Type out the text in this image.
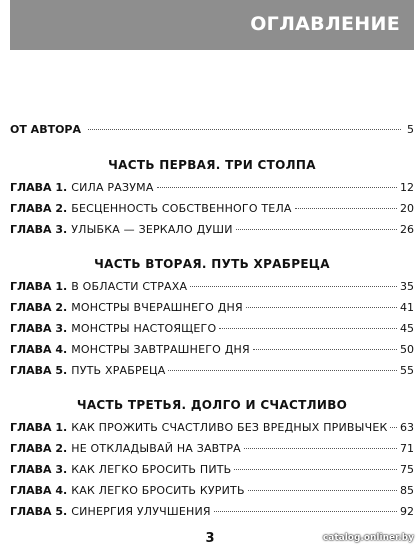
ОГЛАВЛЕНИЕ
ОТ АВТОРА	5
ЧАСТЬ ПЕРВАЯ. ТРИ СТОЛПА
ГЛАВА 1. СИЛА РАЗУМА	12
ГЛАВА 2. БЕСЦЕННОСТЬ СОБСТВЕННОГО ТЕЛА	20
ГЛАВА 3. УЛЫБКА — ЗЕРКАЛО ДУШИ	26
ЧАСТЬ ВТОРАЯ. ПУТЬ ХРАБРЕЦА
ГЛАВА 1. В ОБЛАСТИ СТРАХА	35
ГЛАВА 2. МОНСТРЫ ВЧЕРАШНЕГО ДНЯ	41
ГЛАВА 3. МОНСТРЫ НАСТОЯЩЕГО	45
ГЛАВА 4. МОНСТРЫ ЗАВТРАШНЕГО ДНЯ	50
ГЛАВА 5. ПУТЬ ХРАБРЕЦА	55
ЧАСТЬ ТРЕТЬЯ. ДОЛГО И СЧАСТЛИВО
ГЛАВА 1. КАК ПРОЖИТЬ СЧАСТЛИВО БЕЗ ВРЕДНЫХ ПРИВЫЧЕК 63
ГЛАВА 2. НЕ ОТКЛАДЫВАЙ НА ЗАВТРА	71
ГЛАВА 3. КАК ЛЕГКО БРОСИТЬ ПИТЬ	75
ГЛАВА 4. КАК ЛЕГКО БРОСИТЬ КУРИТЬ	85
ГЛАВА 5. СИНЕРГИЯ УЛУЧШЕНИЯ	92
3	catalog.onliner.by
